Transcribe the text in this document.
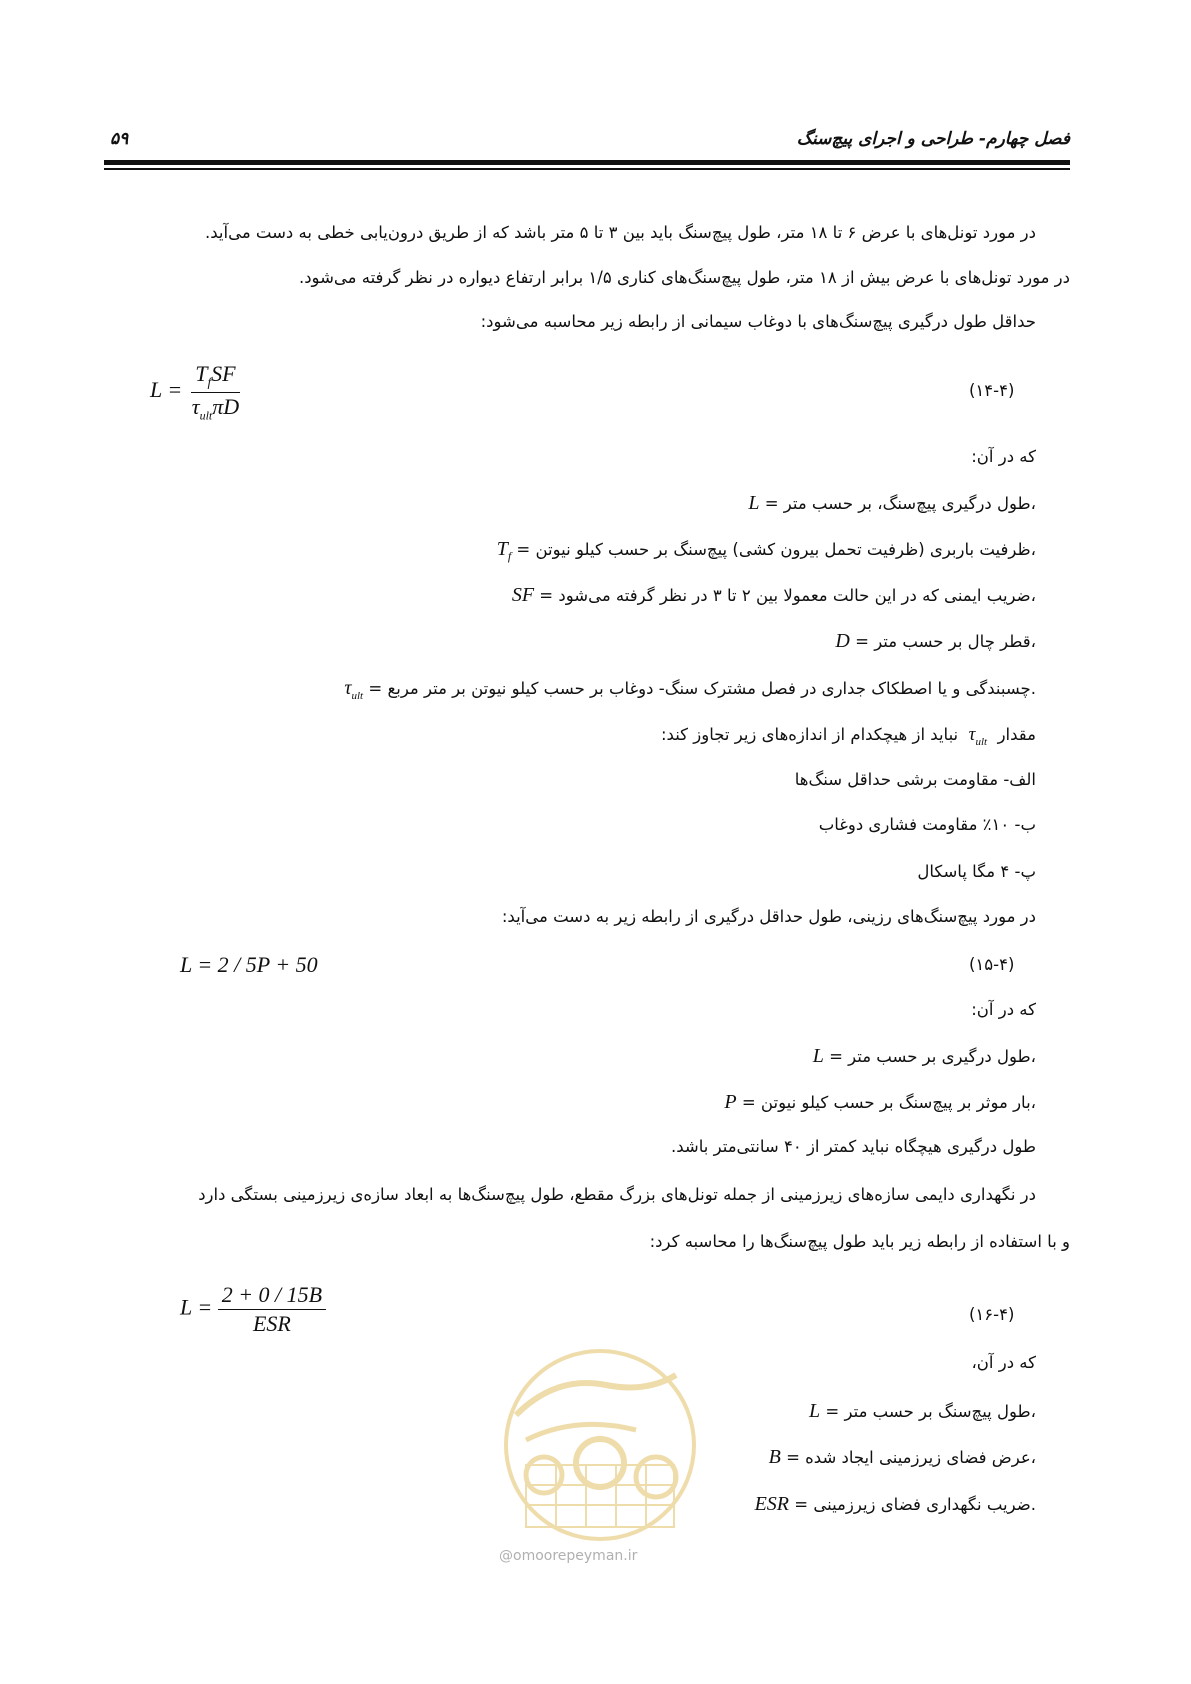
۵۹	فصل چهارم- طراحی و اجرای پیچ‌سنگ
در مورد تونل‌های با عرض ۶ تا ۱۸ متر، طول پیچ‌سنگ باید بین ۳ تا ۵ متر باشد که از طریق درون‌یابی خطی به دست می‌آید.
در مورد تونل‌های با عرض بیش از ۱۸ متر، طول پیچ‌سنگ‌های کناری ۱/۵ برابر ارتفاع دیواره در نظر گرفته می‌شود.
حداقل طول درگیری پیچ‌سنگ‌های با دوغاب سیمانی از رابطه زیر محاسبه می‌شود:
$L = \frac{T_fSF}{\tau_{ult}\pi D}$	(۱۴-۴)
که در آن:
L = طول درگیری پیچ‌سنگ، بر حسب متر،
$T_f$ = ظرفیت باربری (ظرفیت تحمل بیرون کشی) پیچ‌سنگ بر حسب کیلو نیوتن،
SF = ضریب ایمنی که در این حالت معمولا بین ۲ تا ۳ در نظر گرفته می‌شود،
D = قطر چال بر حسب متر،
$\tau_{ult}$ = چسبندگی و یا اصطکاک جداری در فصل مشترک سنگ- دوغاب بر حسب کیلو نیوتن بر متر مربع.
مقدار  $\tau_{ult}$  نباید از هیچکدام از اندازه‌های زیر تجاوز کند:
الف- مقاومت برشی حداقل سنگ‌ها
ب- ۱۰٪ مقاومت فشاری دوغاب
پ- ۴ مگا پاسکال
در مورد پیچ‌سنگ‌های رزینی، طول حداقل درگیری از رابطه زیر به دست می‌آید:
L = 2 / 5P + 50	(۱۵-۴)
که در آن:
L = طول درگیری بر حسب متر،
P = بار موثر بر پیچ‌سنگ بر حسب کیلو نیوتن،
طول درگیری هیچگاه نباید کمتر از ۴۰ سانتی‌متر باشد.
در نگهداری دایمی سازه‌های زیرزمینی از جمله تونل‌های بزرگ مقطع، طول پیچ‌سنگ‌ها به ابعاد سازه‌ی زیرزمینی بستگی دارد
و با استفاده از رابطه زیر باید طول پیچ‌سنگ‌ها را محاسبه کرد:
$L = \frac{2 + 0 / 15B}{\text{ESR}}$	(۱۶-۴)
که در آن،
L = طول پیچ‌سنگ بر حسب متر،
B = عرض فضای زیرزمینی ایجاد شده،
ESR = ضریب نگهداری فضای زیرزمینی.
@omoorepeyman.ir
